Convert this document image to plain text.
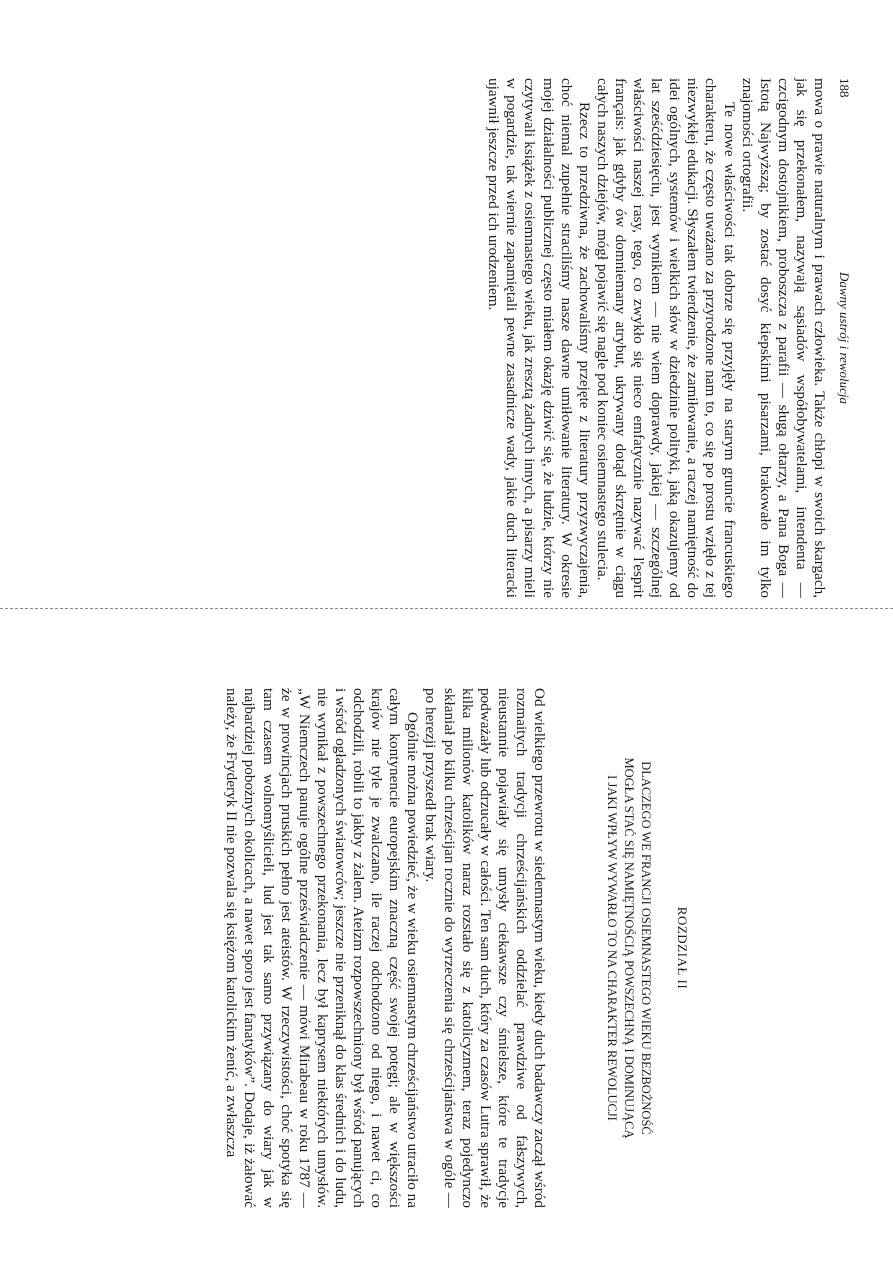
188
Dawny ustrój i rewolucja

mowa o prawie naturalnym i prawach człowieka. Także chłopi w swoich skargach, jak się przekonałem, nazywają sąsiadów współobywatelami, intendenta — czcigodnym dostojnikiem, proboszcza z parafii — sługą ołtarzy, a Pana Boga — Istotą Najwyższą; by zostać dosyć kiepskimi pisarzami, brakowało im tylko znajomości ortografii.

Te nowe właściwości tak dobrze się przyjęły na starym gruncie francuskiego charakteru, że często uważano za przyrodzone nam to, co się po prostu wzięło z tej niezwykłej edukacji. Słyszałem twierdzenie, że zamiłowanie, a raczej namiętność do idei ogólnych, systemów i wielkich słów w dziedzinie polityki, jaką okazujemy od lat sześćdziesięciu, jest wynikiem — nie wiem doprawdy, jakiej — szczególnej właściwości naszej rasy, tego, co zwykło się nieco emfatycznie nazywać l'esprit français: jak gdyby ów domniemany atrybut, ukrywany dotąd skrzętnie w ciągu całych naszych dziejów, mógł pojawić się nagle pod koniec osiemnastego stulecia.

Rzecz to przedziwna, że zachowaliśmy przejęte z literatury przyzwyczajenia, choć niemal zupełnie straciliśmy nasze dawne umiłowanie literatury. W okresie mojej działalności publicznej często miałem okazję dziwić się, że ludzie, którzy nie czytywali książek z osiemnastego wieku, jak zresztą żadnych innych, a pisarzy mieli w pogardzie, tak wiernie zapamiętali pewne zasadnicze wady, jakie duch literacki ujawnił jeszcze przed ich urodzeniem.

ROZDZIAŁ II
DLACZEGO WE FRANCJI OSIEMNASTEGO WIEKU BEZBOŻNOŚĆ
MOGŁA STAĆ SIĘ NAMIĘTNOŚCIĄ POWSZECHNĄ I DOMINUJĄCĄ
I JAKI WPŁYW WYWARŁO TO NA CHARAKTER REWOLUCJI

Od wielkiego przewrotu w siedemnastym wieku, kiedy duch badawczy zaczął wśród rozmaitych tradycji chrześcijańskich oddzielać prawdziwe od fałszywych, nieustannie pojawiały się umysły ciekawsze czy śmielsze, które te tradycje podważały lub odrzucały w całości. Ten sam duch, który za czasów Lutra sprawił, że kilka milionów katolików naraz rozstało się z katolicyzmem, teraz pojedynczo skłaniał po kilku chrześcijan rocznie do wyrzeczenia się chrześcijaństwa w ogóle — po herezji przyszedł brak wiary.

Ogólnie można powiedzieć, że w wieku osiemnastym chrześcijaństwo utraciło na całym kontynencie europejskim znaczną część swojej potęgi; ale w większości krajów nie tyle je zwalczano, ile raczej odchodzono od niego, i nawet ci, co odchodzili, robili to jakby z żalem. Ateizm rozpowszechniony był wśród panujących i wśród ogładzonych światowców; jeszcze nie przeniknął do klas średnich i do ludu, nie wynikał z powszechnego przekonania, lecz był kaprysem niektórych umysłów. „W Niemczech panuje ogólne przeświadczenie — mówi Mirabeau w roku 1787 — że w prowincjach pruskich pełno jest ateistów. W rzeczywistości, choć spotyka się tam czasem wolnomyślicieli, lud jest tak samo przywiązany do wiary jak w najbardziej pobożnych okolicach, a nawet sporo jest fanatyków”. Dodaje, iż żałować należy, że Fryderyk II nie pozwala się księżom katolickim żenić, a zwłaszcza
